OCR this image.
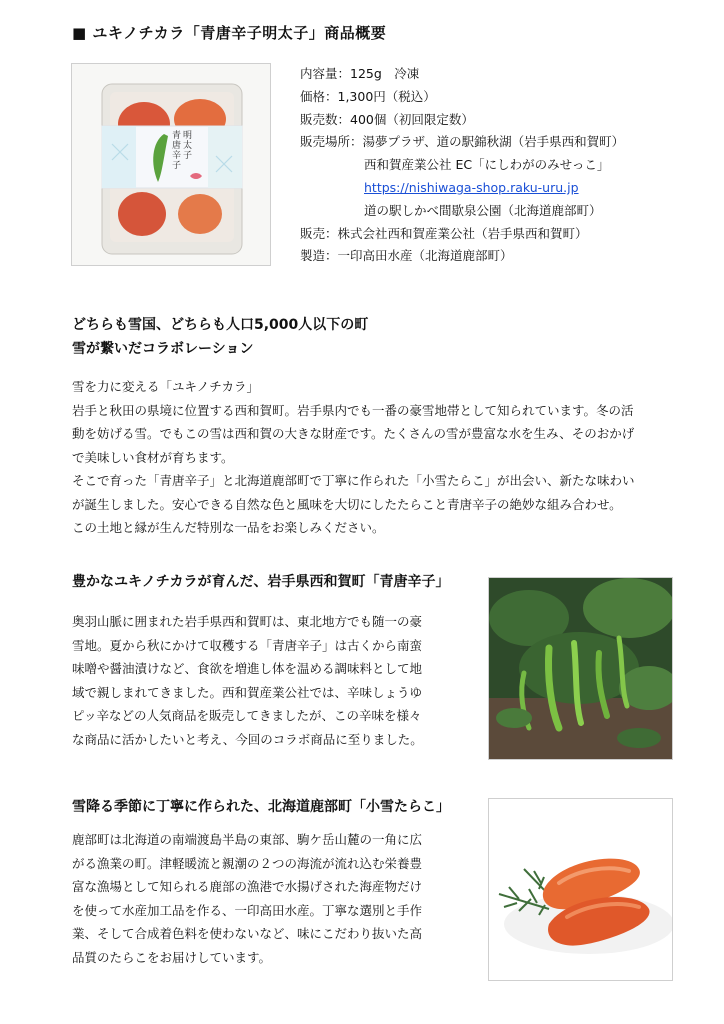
■ ユキノチカラ「青唐辛子明太子」商品概要
青
唐
辛
子
明
太
子
内容量：125g　冷凍
価格：1,300円（税込）
販売数：400個（初回限定数）
販売場所：湯夢プラザ、道の駅錦秋湖（岩手県西和賀町）
西和賀産業公社 EC「にしわがのみせっこ」
https://nishiwaga-shop.raku-uru.jp
道の駅しかべ間歇泉公園（北海道鹿部町）
販売：株式会社西和賀産業公社（岩手県西和賀町）
製造：一印高田水産（北海道鹿部町）
どちらも雪国、どちらも人口5,000人以下の町
雪が繋いだコラボレーション
雪を力に変える「ユキノチカラ」
岩手と秋田の県境に位置する西和賀町。岩手県内でも一番の豪雪地帯として知られています。冬の活
動を妨げる雪。でもこの雪は西和賀の大きな財産です。たくさんの雪が豊富な水を生み、そのおかげ
で美味しい食材が育ちます。
そこで育った「青唐辛子」と北海道鹿部町で丁寧に作られた「小雪たらこ」が出会い、新たな味わい
が誕生しました。安心できる自然な色と風味を大切にしたたらこと青唐辛子の絶妙な組み合わせ。
この土地と縁が生んだ特別な一品をお楽しみください。
豊かなユキノチカラが育んだ、岩手県西和賀町「青唐辛子」
奥羽山脈に囲まれた岩手県西和賀町は、東北地方でも随一の豪
雪地。夏から秋にかけて収穫する「青唐辛子」は古くから南蛮
味噌や醤油漬けなど、食欲を増進し体を温める調味料として地
域で親しまれてきました。西和賀産業公社では、辛味しょうゆ
ピッ辛などの人気商品を販売してきましたが、この辛味を様々
な商品に活かしたいと考え、今回のコラボ商品に至りました。
雪降る季節に丁寧に作られた、北海道鹿部町「小雪たらこ」
鹿部町は北海道の南端渡島半島の東部、駒ケ岳山麓の一角に広
がる漁業の町。津軽暖流と親潮の２つの海流が流れ込む栄養豊
富な漁場として知られる鹿部の漁港で水揚げされた海産物だけ
を使って水産加工品を作る、一印高田水産。丁寧な選別と手作
業、そして合成着色料を使わないなど、味にこだわり抜いた高
品質のたらこをお届けしています。
